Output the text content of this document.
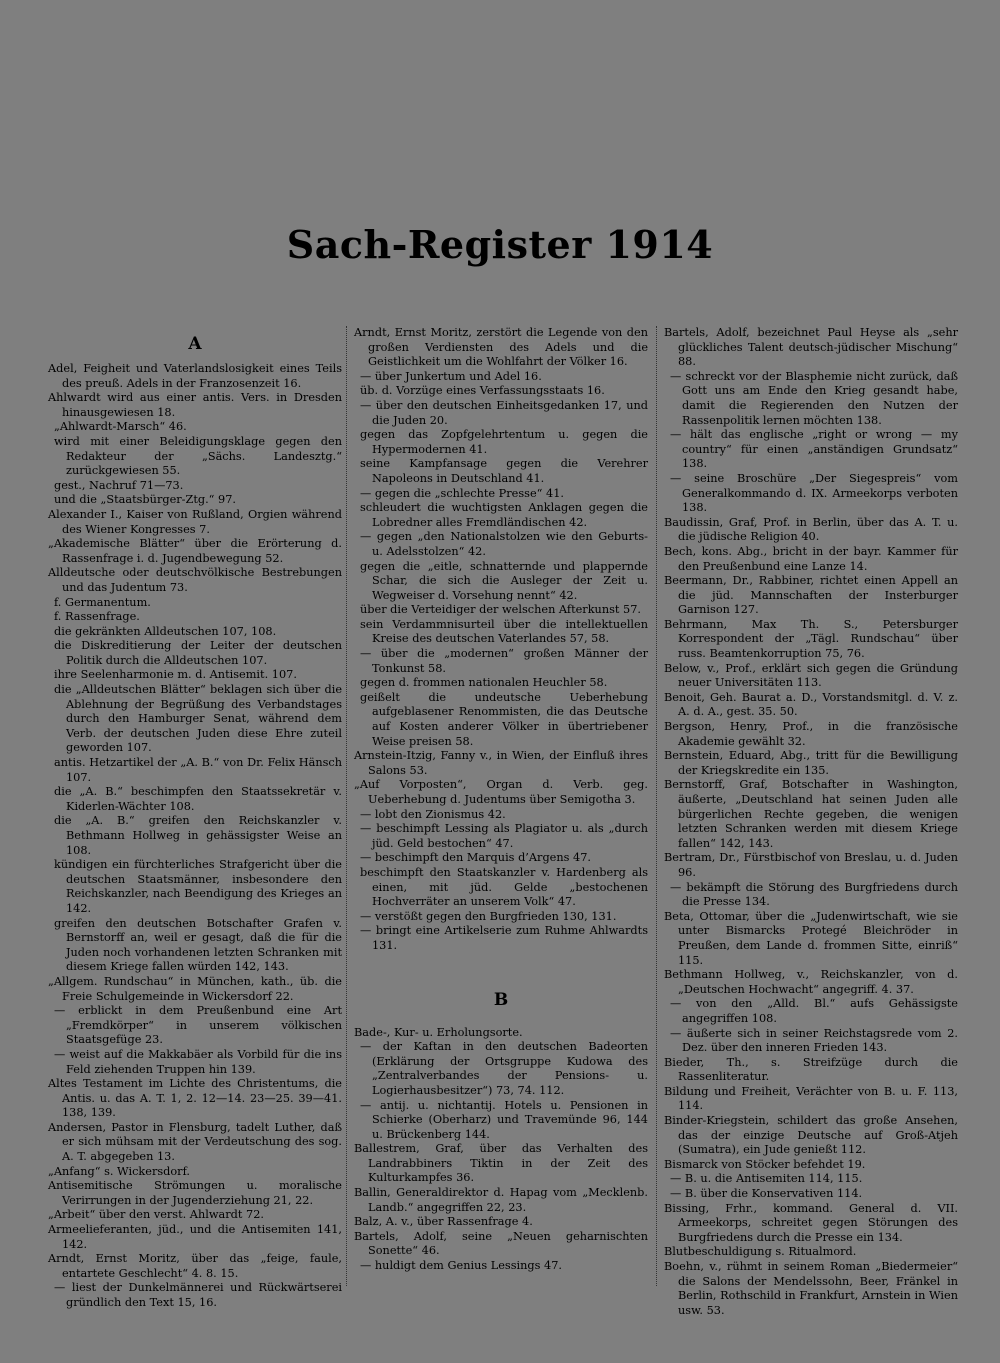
Sach-Register 1914
A

Adel, Feigheit und Vaterlandslosigkeit eines Teils des preuß. Adels in der Franzosenzeit 16.

Ahlwardt wird aus einer antis. Vers. in Dresden hinausgewiesen 18.

„Ahlwardt-Marsch“ 46.

wird mit einer Beleidigungsklage gegen den Redakteur der „Sächs. Landesztg.“ zurückgewiesen 55.

gest., Nachruf 71—73.

und die „Staatsbürger-Ztg.“ 97.

Alexander I., Kaiser von Rußland, Orgien während des Wiener Kongresses 7.

„Akademische Blätter“ über die Erörterung d. Rassenfrage i. d. Jugendbewegung 52.

Alldeutsche oder deutschvölkische Bestrebungen und das Judentum 73.

f. Germanentum.

f. Rassenfrage.

die gekränkten Alldeutschen 107, 108.

die Diskreditierung der Leiter der deutschen Politik durch die Alldeutschen 107.

ihre Seelenharmonie m. d. Antisemit. 107.

die „Alldeutschen Blätter“ beklagen sich über die Ablehnung der Begrüßung des Verbandstages durch den Hamburger Senat, während dem Verb. der deutschen Juden diese Ehre zuteil geworden 107.

antis. Hetzartikel der „A. B.“ von Dr. Felix Hänsch 107.

die „A. B.“ beschimpfen den Staatssekretär v. Kiderlen-Wächter 108.

die „A. B.“ greifen den Reichskanzler v. Bethmann Hollweg in gehässigster Weise an 108.

kündigen ein fürchterliches Strafgericht über die deutschen Staatsmänner, insbesondere den Reichskanzler, nach Beendigung des Krieges an 142.

greifen den deutschen Botschafter Grafen v. Bernstorff an, weil er gesagt, daß die für die Juden noch vorhandenen letzten Schranken mit diesem Kriege fallen würden 142, 143.

„Allgem. Rundschau“ in München, kath., üb. die Freie Schulgemeinde in Wickersdorf 22.

— erblickt in dem Preußenbund eine Art „Fremdkörper“ in unserem völkischen Staatsgefüge 23.

— weist auf die Makkabäer als Vorbild für die ins Feld ziehenden Truppen hin 139.

Altes Testament im Lichte des Christentums, die Antis. u. das A. T. 1, 2. 12—14. 23—25. 39—41. 138, 139.

Andersen, Pastor in Flensburg, tadelt Luther, daß er sich mühsam mit der Verdeutschung des sog. A. T. abgegeben 13.

„Anfang“ s. Wickersdorf.

Antisemitische Strömungen u. moralische Verirrungen in der Jugenderziehung 21, 22.

„Arbeit“ über den verst. Ahlwardt 72.

Armeelieferanten, jüd., und die Antisemiten 141, 142.

Arndt, Ernst Moritz, über das „feige, faule, entartete Geschlecht“ 4. 8. 15.

— liest der Dunkelmännerei und Rückwärtserei gründlich den Text 15, 16.

Arndt, Ernst Moritz, zerstört die Legende von den großen Verdiensten des Adels und die Geistlichkeit um die Wohlfahrt der Völker 16.

— über Junkertum und Adel 16.

üb. d. Vorzüge eines Verfassungsstaats 16.

— über den deutschen Einheitsgedanken 17, und die Juden 20.

gegen das Zopfgelehrtentum u. gegen die Hypermodernen 41.

seine Kampfansage gegen die Verehrer Napoleons in Deutschland 41.

— gegen die „schlechte Presse“ 41.

schleudert die wuchtigsten Anklagen gegen die Lobredner alles Fremdländischen 42.

— gegen „den Nationalstolzen wie den Geburts- u. Adelsstolzen“ 42.

gegen die „eitle, schnatternde und plappernde Schar, die sich die Ausleger der Zeit u. Wegweiser d. Vorsehung nennt“ 42.

über die Verteidiger der welschen Afterkunst 57.

sein Verdammnisurteil über die intellektuellen Kreise des deutschen Vaterlandes 57, 58.

— über die „modernen“ großen Männer der Tonkunst 58.

gegen d. frommen nationalen Heuchler 58.

geißelt die undeutsche Ueberhebung aufgeblasener Renommisten, die das Deutsche auf Kosten anderer Völker in übertriebener Weise preisen 58.

Arnstein-Itzig, Fanny v., in Wien, der Einfluß ihres Salons 53.

„Auf Vorposten“, Organ d. Verb. geg. Ueberhebung d. Judentums über Semigotha 3.

— lobt den Zionismus 42.

— beschimpft Lessing als Plagiator u. als „durch jüd. Geld bestochen“ 47.

— beschimpft den Marquis d’Argens 47.

beschimpft den Staatskanzler v. Hardenberg als einen, mit jüd. Gelde „bestochenen Hochverräter an unserem Volk“ 47.

— verstößt gegen den Burgfrieden 130, 131.

— bringt eine Artikelserie zum Ruhme Ahlwardts 131.

B

Bade-, Kur- u. Erholungsorte.

— der Kaftan in den deutschen Badeorten (Erklärung der Ortsgruppe Kudowa des „Zentralverbandes der Pensions- u. Logierhausbesitzer“) 73, 74. 112.

— antij. u. nichtantij. Hotels u. Pensionen in Schierke (Oberharz) und Travemünde 96, 144 u. Brückenberg 144.

Ballestrem, Graf, über das Verhalten des Landrabbiners Tiktin in der Zeit des Kulturkampfes 36.

Ballin, Generaldirektor d. Hapag vom „Mecklenb. Landb.“ angegriffen 22, 23.

Balz, A. v., über Rassenfrage 4.

Bartels, Adolf, seine „Neuen geharnischten Sonette“ 46.

— huldigt dem Genius Lessings 47.

Bartels, Adolf, bezeichnet Paul Heyse als „sehr glückliches Talent deutsch-jüdischer Mischung“ 88.

— schreckt vor der Blasphemie nicht zurück, daß Gott uns am Ende den Krieg gesandt habe, damit die Regierenden den Nutzen der Rassenpolitik lernen möchten 138.

— hält das englische „right or wrong — my country“ für einen „anständigen Grundsatz“ 138.

— seine Broschüre „Der Siegespreis“ vom Generalkommando d. IX. Armeekorps verboten 138.

Baudissin, Graf, Prof. in Berlin, über das A. T. u. die jüdische Religion 40.

Bech, kons. Abg., bricht in der bayr. Kammer für den Preußenbund eine Lanze 14.

Beermann, Dr., Rabbiner, richtet einen Appell an die jüd. Mannschaften der Insterburger Garnison 127.

Behrmann, Max Th. S., Petersburger Korrespondent der „Tägl. Rundschau“ über russ. Beamtenkorruption 75, 76.

Below, v., Prof., erklärt sich gegen die Gründung neuer Universitäten 113.

Benoit, Geh. Baurat a. D., Vorstandsmitgl. d. V. z. A. d. A., gest. 35. 50.

Bergson, Henry, Prof., in die französische Akademie gewählt 32.

Bernstein, Eduard, Abg., tritt für die Bewilligung der Kriegskredite ein 135.

Bernstorff, Graf, Botschafter in Washington, äußerte, „Deutschland hat seinen Juden alle bürgerlichen Rechte gegeben, die wenigen letzten Schranken werden mit diesem Kriege fallen“ 142, 143.

Bertram, Dr., Fürstbischof von Breslau, u. d. Juden 96.

— bekämpft die Störung des Burgfriedens durch die Presse 134.

Beta, Ottomar, über die „Judenwirtschaft, wie sie unter Bismarcks Protegé Bleichröder in Preußen, dem Lande d. frommen Sitte, einriß“ 115.

Bethmann Hollweg, v., Reichskanzler, von d. „Deutschen Hochwacht“ angegriff. 4. 37.

— von den „Alld. Bl.“ aufs Gehässigste angegriffen 108.

— äußerte sich in seiner Reichstagsrede vom 2. Dez. über den inneren Frieden 143.

Bieder, Th., s. Streifzüge durch die Rassenliteratur.

Bildung und Freiheit, Verächter von B. u. F. 113, 114.

Binder-Kriegstein, schildert das große Ansehen, das der einzige Deutsche auf Groß-Atjeh (Sumatra), ein Jude genießt 112.

Bismarck von Stöcker befehdet 19.

— B. u. die Antisemiten 114, 115.

— B. über die Konservativen 114.

Bissing, Frhr., kommand. General d. VII. Armeekorps, schreitet gegen Störungen des Burgfriedens durch die Presse ein 134.

Blutbeschuldigung s. Ritualmord.

Boehn, v., rühmt in seinem Roman „Biedermeier“ die Salons der Mendelssohn, Beer, Fränkel in Berlin, Rothschild in Frankfurt, Arnstein in Wien usw. 53.
